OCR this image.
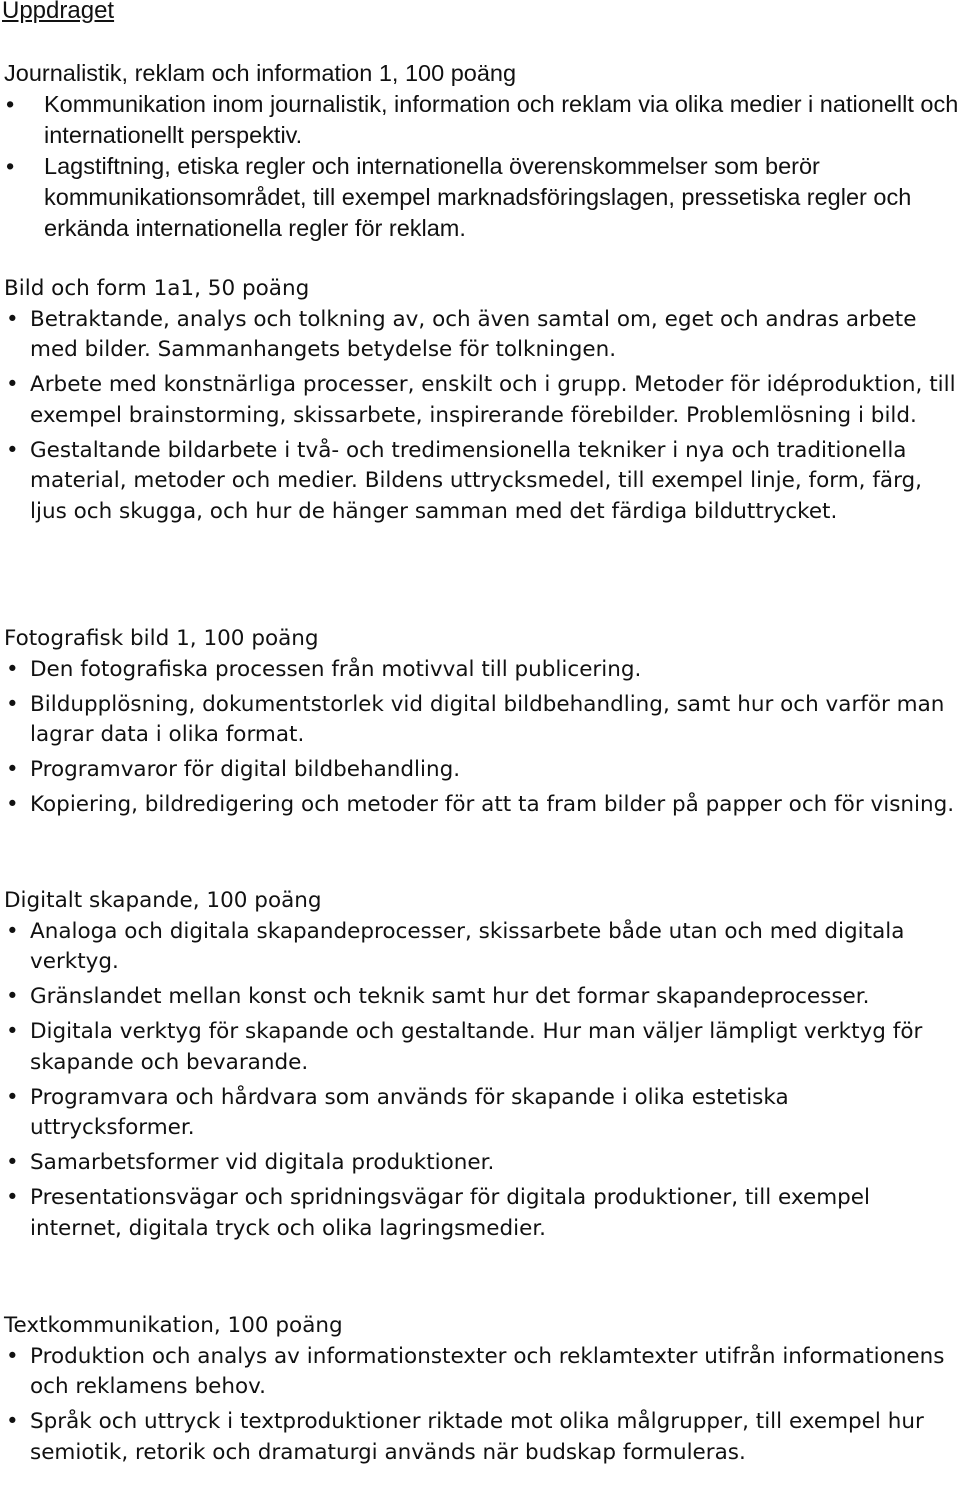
Uppdraget
Journalistik, reklam och information 1, 100 poäng
• Kommunikation inom journalistik, information och reklam via olika medier i nationellt och internationellt perspektiv.
• Lagstiftning, etiska regler och internationella överenskommelser som berör kommunikationsområdet, till exempel marknadsföringslagen, pressetiska regler och erkända internationella regler för reklam.
Bild och form 1a1, 50 poäng
• Betraktande, analys och tolkning av, och även samtal om, eget och andras arbete med bilder. Sammanhangets betydelse för tolkningen.
• Arbete med konstnärliga processer, enskilt och i grupp. Metoder för idéproduktion, till exempel brainstorming, skissarbete, inspirerande förebilder. Problemlösning i bild.
• Gestaltande bildarbete i två- och tredimensionella tekniker i nya och traditionella material, metoder och medier. Bildens uttrycksmedel, till exempel linje, form, färg, ljus och skugga, och hur de hänger samman med det färdiga bilduttrycket.
Fotografisk bild 1, 100 poäng
• Den fotografiska processen från motivval till publicering.
• Bildupplösning, dokumentstorlek vid digital bildbehandling, samt hur och varför man lagrar data i olika format.
• Programvaror för digital bildbehandling.
• Kopiering, bildredigering och metoder för att ta fram bilder på papper och för visning.
Digitalt skapande, 100 poäng
• Analoga och digitala skapandeprocesser, skissarbete både utan och med digitala verktyg.
• Gränslandet mellan konst och teknik samt hur det formar skapandeprocesser.
• Digitala verktyg för skapande och gestaltande. Hur man väljer lämpligt verktyg för skapande och bevarande.
• Programvara och hårdvara som används för skapande i olika estetiska uttrycksformer.
• Samarbetsformer vid digitala produktioner.
• Presentationsvägar och spridningsvägar för digitala produktioner, till exempel internet, digitala tryck och olika lagringsmedier.
Textkommunikation, 100 poäng
• Produktion och analys av informationstexter och reklamtexter utifrån informationens och reklamens behov.
• Språk och uttryck i textproduktioner riktade mot olika målgrupper, till exempel hur semiotik, retorik och dramaturgi används när budskap formuleras.
